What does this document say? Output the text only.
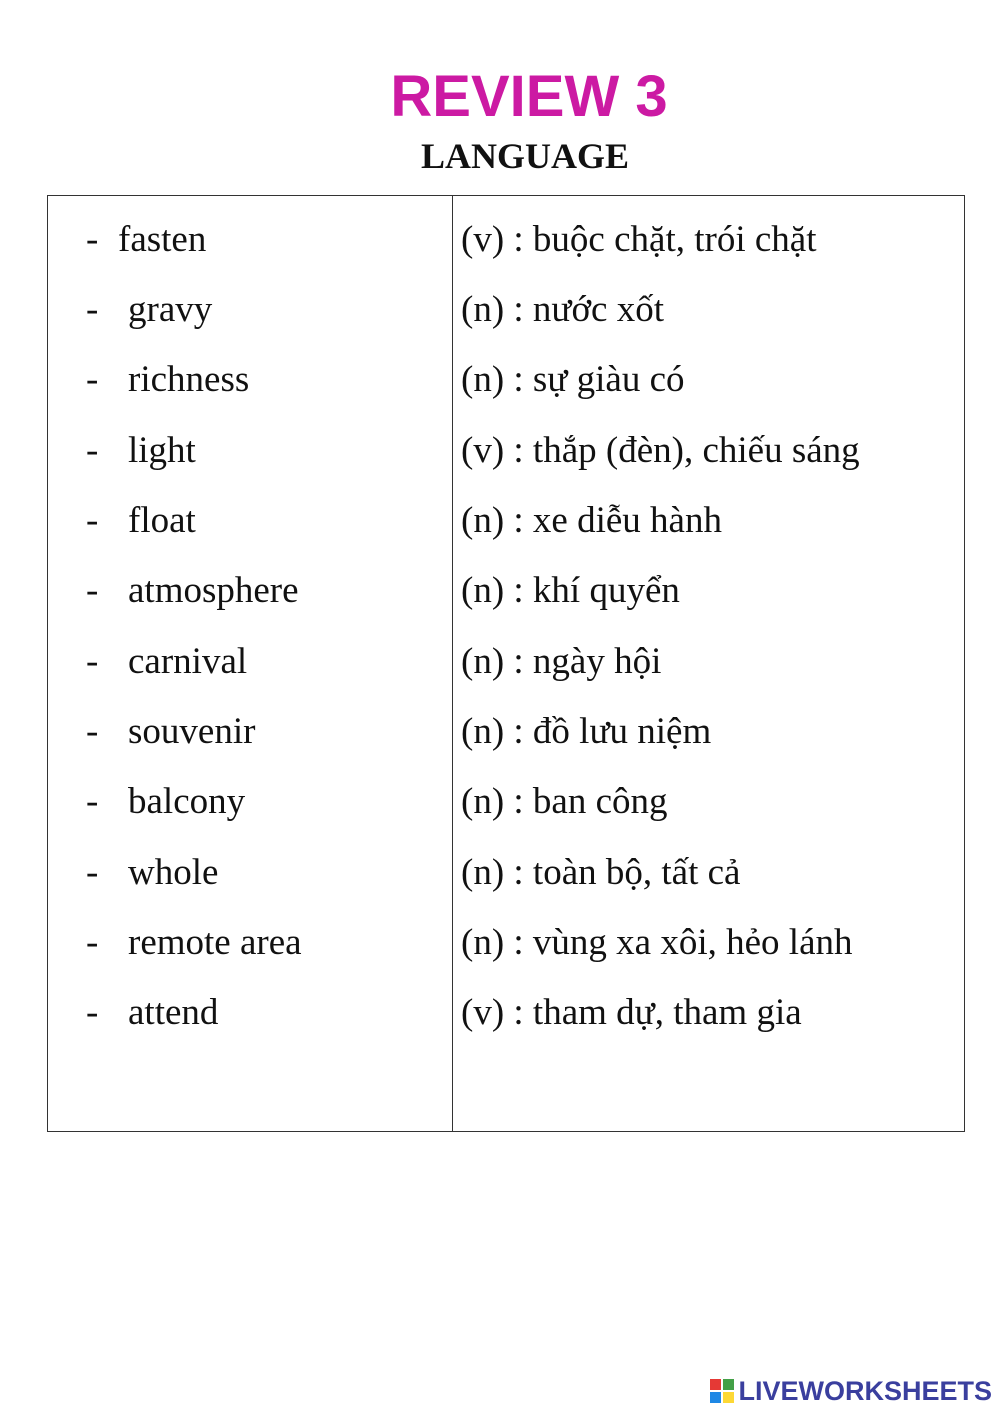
REVIEW 3
LANGUAGE
- fasten	(v) : buộc chặt, trói chặt
- gravy	(n) : nước xốt
- richness	(n) : sự giàu có
- light	(v) : thắp (đèn), chiếu sáng
- float	(n) : xe diễu hành
- atmosphere	(n) : khí quyển
- carnival	(n) : ngày hội
- souvenir	(n) : đồ lưu niệm
- balcony	(n) : ban công
- whole	(n) : toàn bộ, tất cả
- remote area	(n) : vùng xa xôi, hẻo lánh
- attend	(v) : tham dự, tham gia
LIVEWORKSHEETS
